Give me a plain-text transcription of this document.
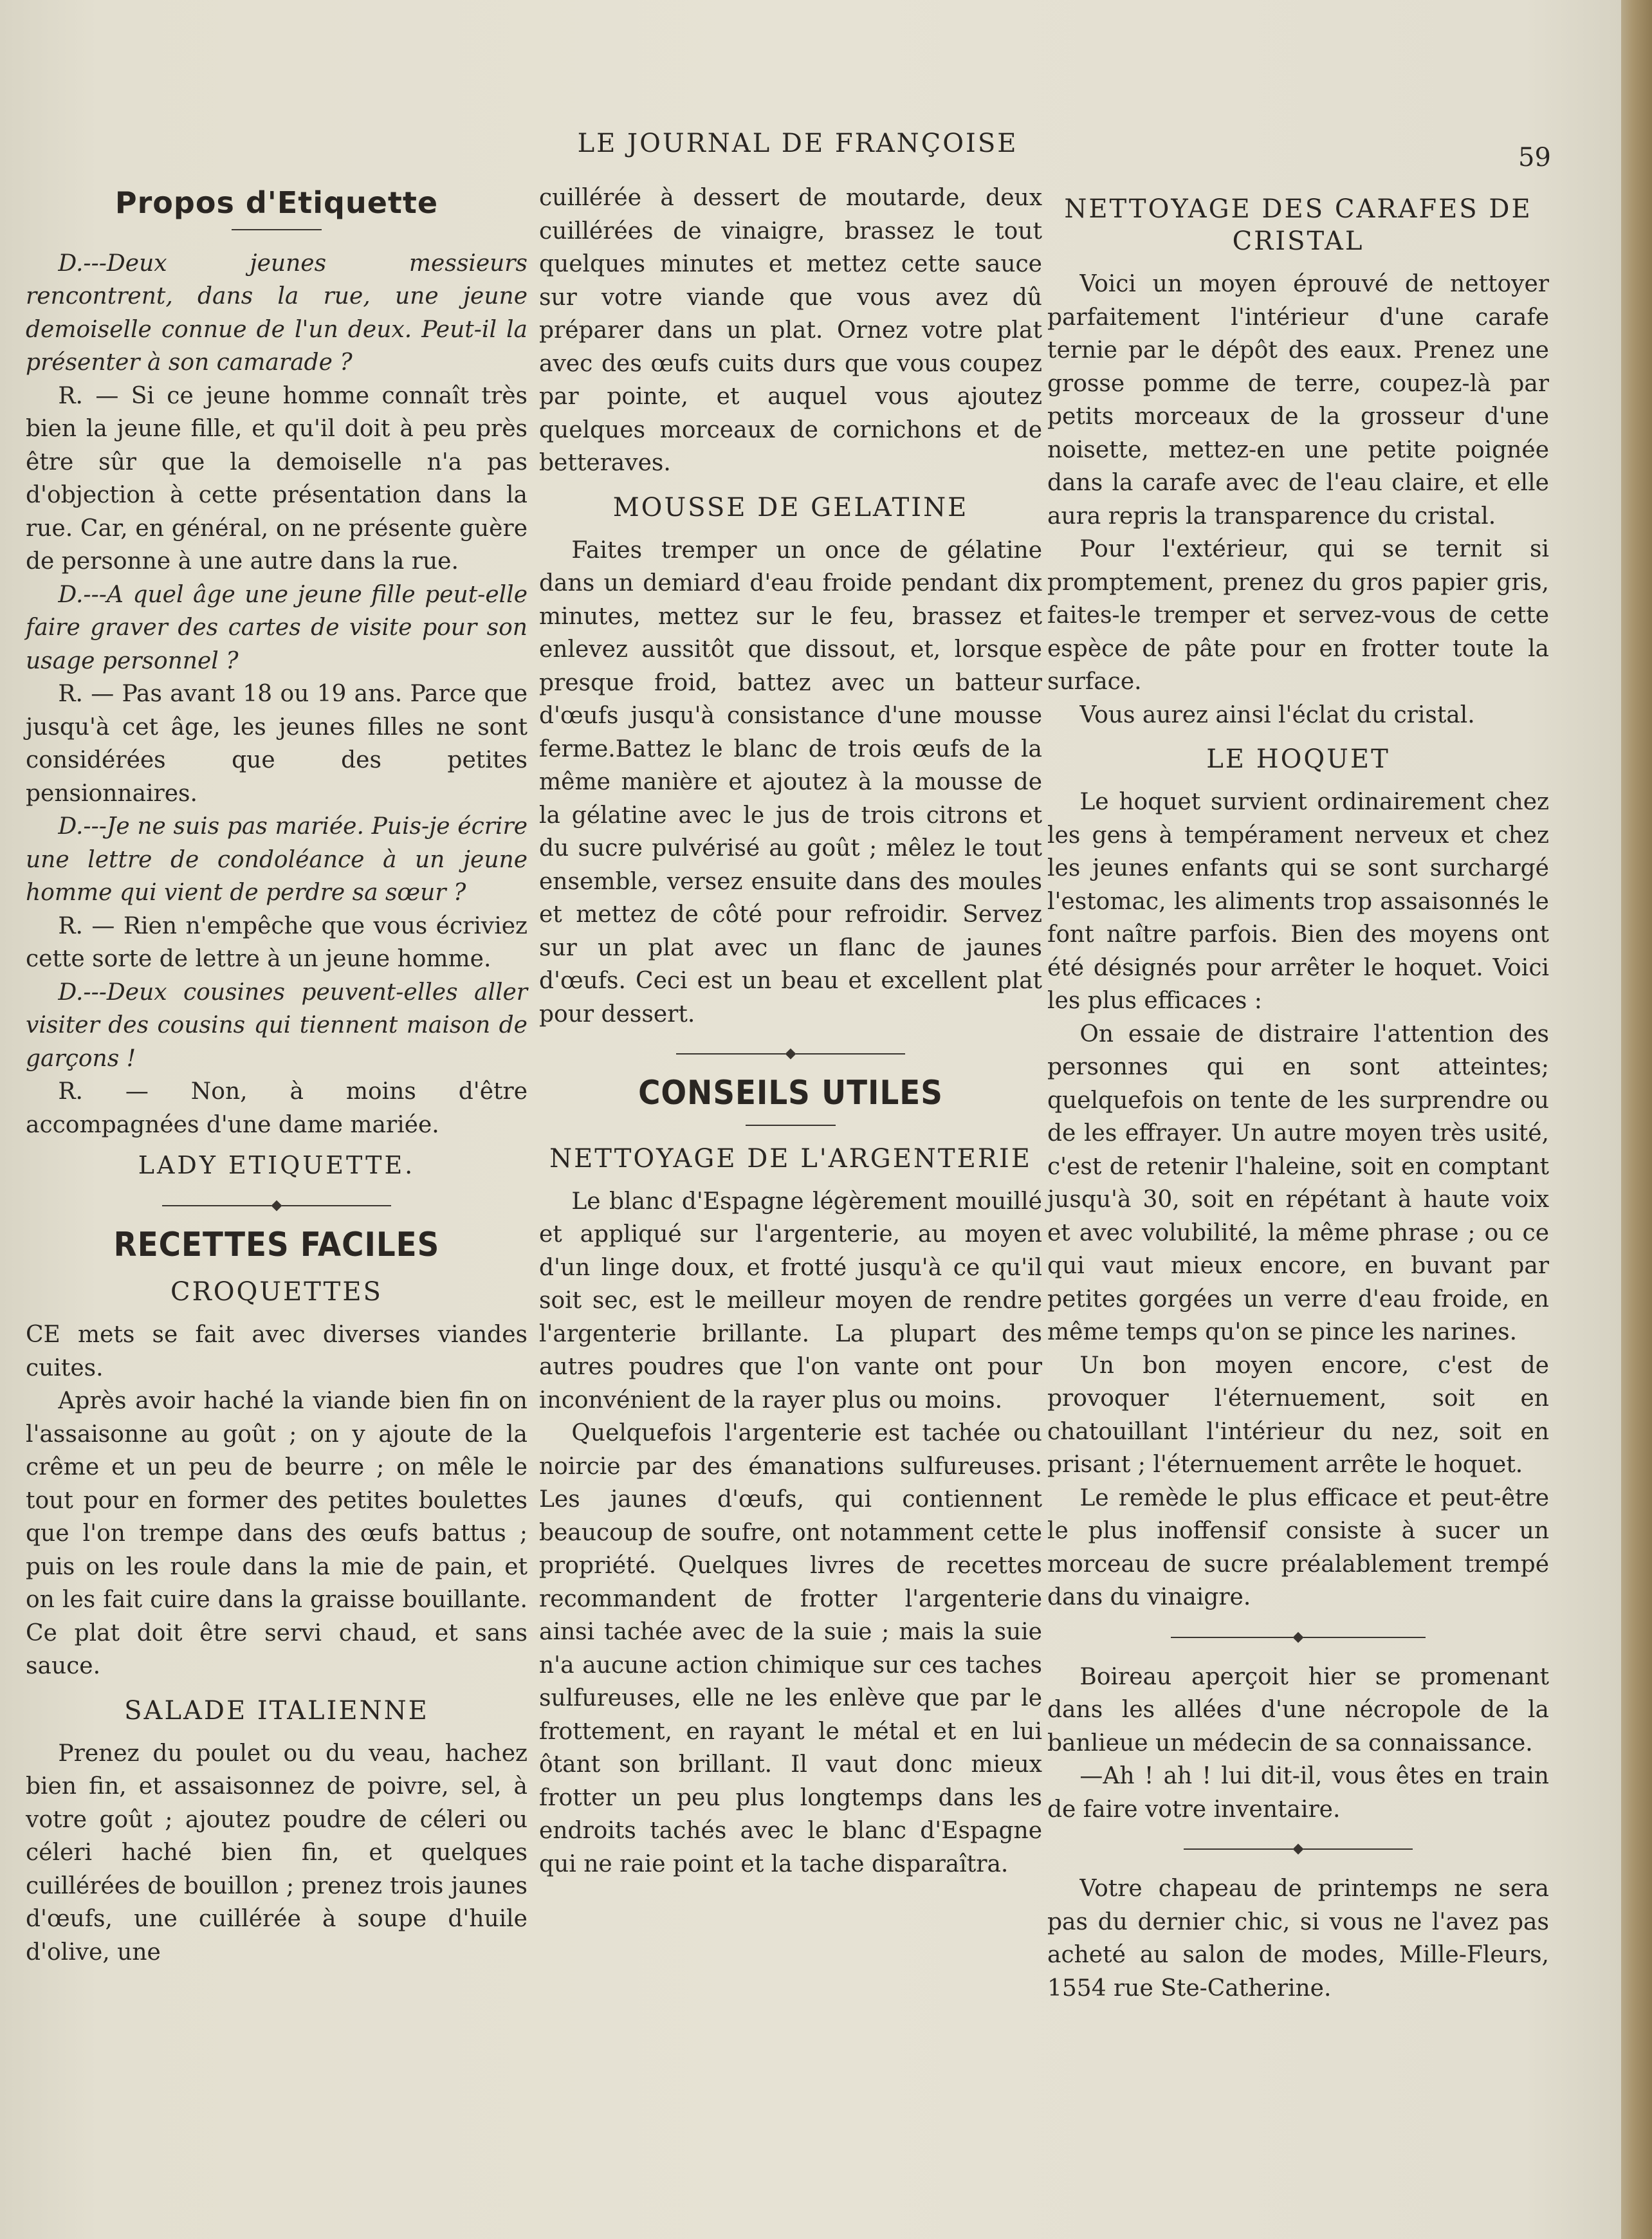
LE JOURNAL DE FRANÇOISE	59
Propos d'Etiquette

D.---Deux jeunes messieurs rencontrent, dans la rue, une jeune demoiselle connue de l'un deux. Peut-il la présenter à son camarade ?

R. — Si ce jeune homme connaît très bien la jeune fille, et qu'il doit à peu près être sûr que la demoiselle n'a pas d'objection à cette présentation dans la rue. Car, en général, on ne présente guère de personne à une autre dans la rue.

D.---A quel âge une jeune fille peut-elle faire graver des cartes de visite pour son usage personnel ?

R. — Pas avant 18 ou 19 ans. Parce que jusqu'à cet âge, les jeunes filles ne sont considérées que des petites pensionnaires.

D.---Je ne suis pas mariée. Puis-je écrire une lettre de condoléance à un jeune homme qui vient de perdre sa sœur ?

R. — Rien n'empêche que vous écriviez cette sorte de lettre à un jeune homme.

D.---Deux cousines peuvent-elles aller visiter des cousins qui tiennent maison de garçons !

R. — Non, à moins d'être accompagnées d'une dame mariée.

LADY ETIQUETTE.
RECETTES FACILES
CROQUETTES

CE mets se fait avec diverses viandes cuites.

Après avoir haché la viande bien fin on l'assaisonne au goût ; on y ajoute de la crême et un peu de beurre ; on mêle le tout pour en former des petites boulettes que l'on trempe dans des œufs battus ; puis on les roule dans la mie de pain, et on les fait cuire dans la graisse bouillante. Ce plat doit être servi chaud, et sans sauce.

SALADE ITALIENNE

Prenez du poulet ou du veau, hachez bien fin, et assaisonnez de poivre, sel, à votre goût ; ajoutez poudre de céleri ou céleri haché bien fin, et quelques cuillérées de bouillon ; prenez trois jaunes d'œufs, une cuillérée à soupe d'huile d'olive, une

cuillérée à dessert de moutarde, deux cuillérées de vinaigre, brassez le tout quelques minutes et mettez cette sauce sur votre viande que vous avez dû préparer dans un plat. Ornez votre plat avec des œufs cuits durs que vous coupez par pointe, et auquel vous ajoutez quelques morceaux de cornichons et de betteraves.

MOUSSE DE GELATINE

Faites tremper un once de gélatine dans un demiard d'eau froide pendant dix minutes, mettez sur le feu, brassez et enlevez aussitôt que dissout, et, lorsque presque froid, battez avec un batteur d'œufs jusqu'à consistance d'une mousse ferme.Battez le blanc de trois œufs de la même manière et ajoutez à la mousse de la gélatine avec le jus de trois citrons et du sucre pulvérisé au goût ; mêlez le tout ensemble, versez ensuite dans des moules et mettez de côté pour refroidir. Servez sur un plat avec un flanc de jaunes d'œufs. Ceci est un beau et excellent plat pour dessert.

CONSEILS UTILES
NETTOYAGE DE L'ARGENTERIE

Le blanc d'Espagne légèrement mouillé et appliqué sur l'argenterie, au moyen d'un linge doux, et frotté jusqu'à ce qu'il soit sec, est le meilleur moyen de rendre l'argenterie brillante. La plupart des autres poudres que l'on vante ont pour inconvénient de la rayer plus ou moins.

Quelquefois l'argenterie est tachée ou noircie par des émanations sulfureuses. Les jaunes d'œufs, qui contiennent beaucoup de soufre, ont notamment cette propriété. Quelques livres de recettes recommandent de frotter l'argenterie ainsi tachée avec de la suie ; mais la suie n'a aucune action chimique sur ces taches sulfureuses, elle ne les enlève que par le frottement, en rayant le métal et en lui ôtant son brillant. Il vaut donc mieux frotter un peu plus longtemps dans les endroits tachés avec le blanc d'Espagne qui ne raie point et la tache disparaîtra.

NETTOYAGE DES CARAFES DE CRISTAL

Voici un moyen éprouvé de nettoyer parfaitement l'intérieur d'une carafe ternie par le dépôt des eaux. Prenez une grosse pomme de terre, coupez-là par petits morceaux de la grosseur d'une noisette, mettez-en une petite poignée dans la carafe avec de l'eau claire, et elle aura repris la transparence du cristal.

Pour l'extérieur, qui se ternit si promptement, prenez du gros papier gris, faites-le tremper et servez-vous de cette espèce de pâte pour en frotter toute la surface.

Vous aurez ainsi l'éclat du cristal.

LE HOQUET

Le hoquet survient ordinairement chez les gens à tempérament nerveux et chez les jeunes enfants qui se sont surchargé l'estomac, les aliments trop assaisonnés le font naître parfois. Bien des moyens ont été désignés pour arrêter le hoquet. Voici les plus efficaces :

On essaie de distraire l'attention des personnes qui en sont atteintes; quelquefois on tente de les surprendre ou de les effrayer. Un autre moyen très usité, c'est de retenir l'haleine, soit en comptant jusqu'à 30, soit en répétant à haute voix et avec volubilité, la même phrase ; ou ce qui vaut mieux encore, en buvant par petites gorgées un verre d'eau froide, en même temps qu'on se pince les narines.

Un bon moyen encore, c'est de provoquer l'éternuement, soit en chatouillant l'intérieur du nez, soit en prisant ; l'éternuement arrête le hoquet.

Le remède le plus efficace et peut-être le plus inoffensif consiste à sucer un morceau de sucre préalablement trempé dans du vinaigre.

Boireau aperçoit hier se promenant dans les allées d'une nécropole de la banlieue un médecin de sa connaissance.

—Ah ! ah ! lui dit-il, vous êtes en train de faire votre inventaire.

Votre chapeau de printemps ne sera pas du dernier chic, si vous ne l'avez pas acheté au salon de modes, Mille-Fleurs, 1554 rue Ste-Catherine.
